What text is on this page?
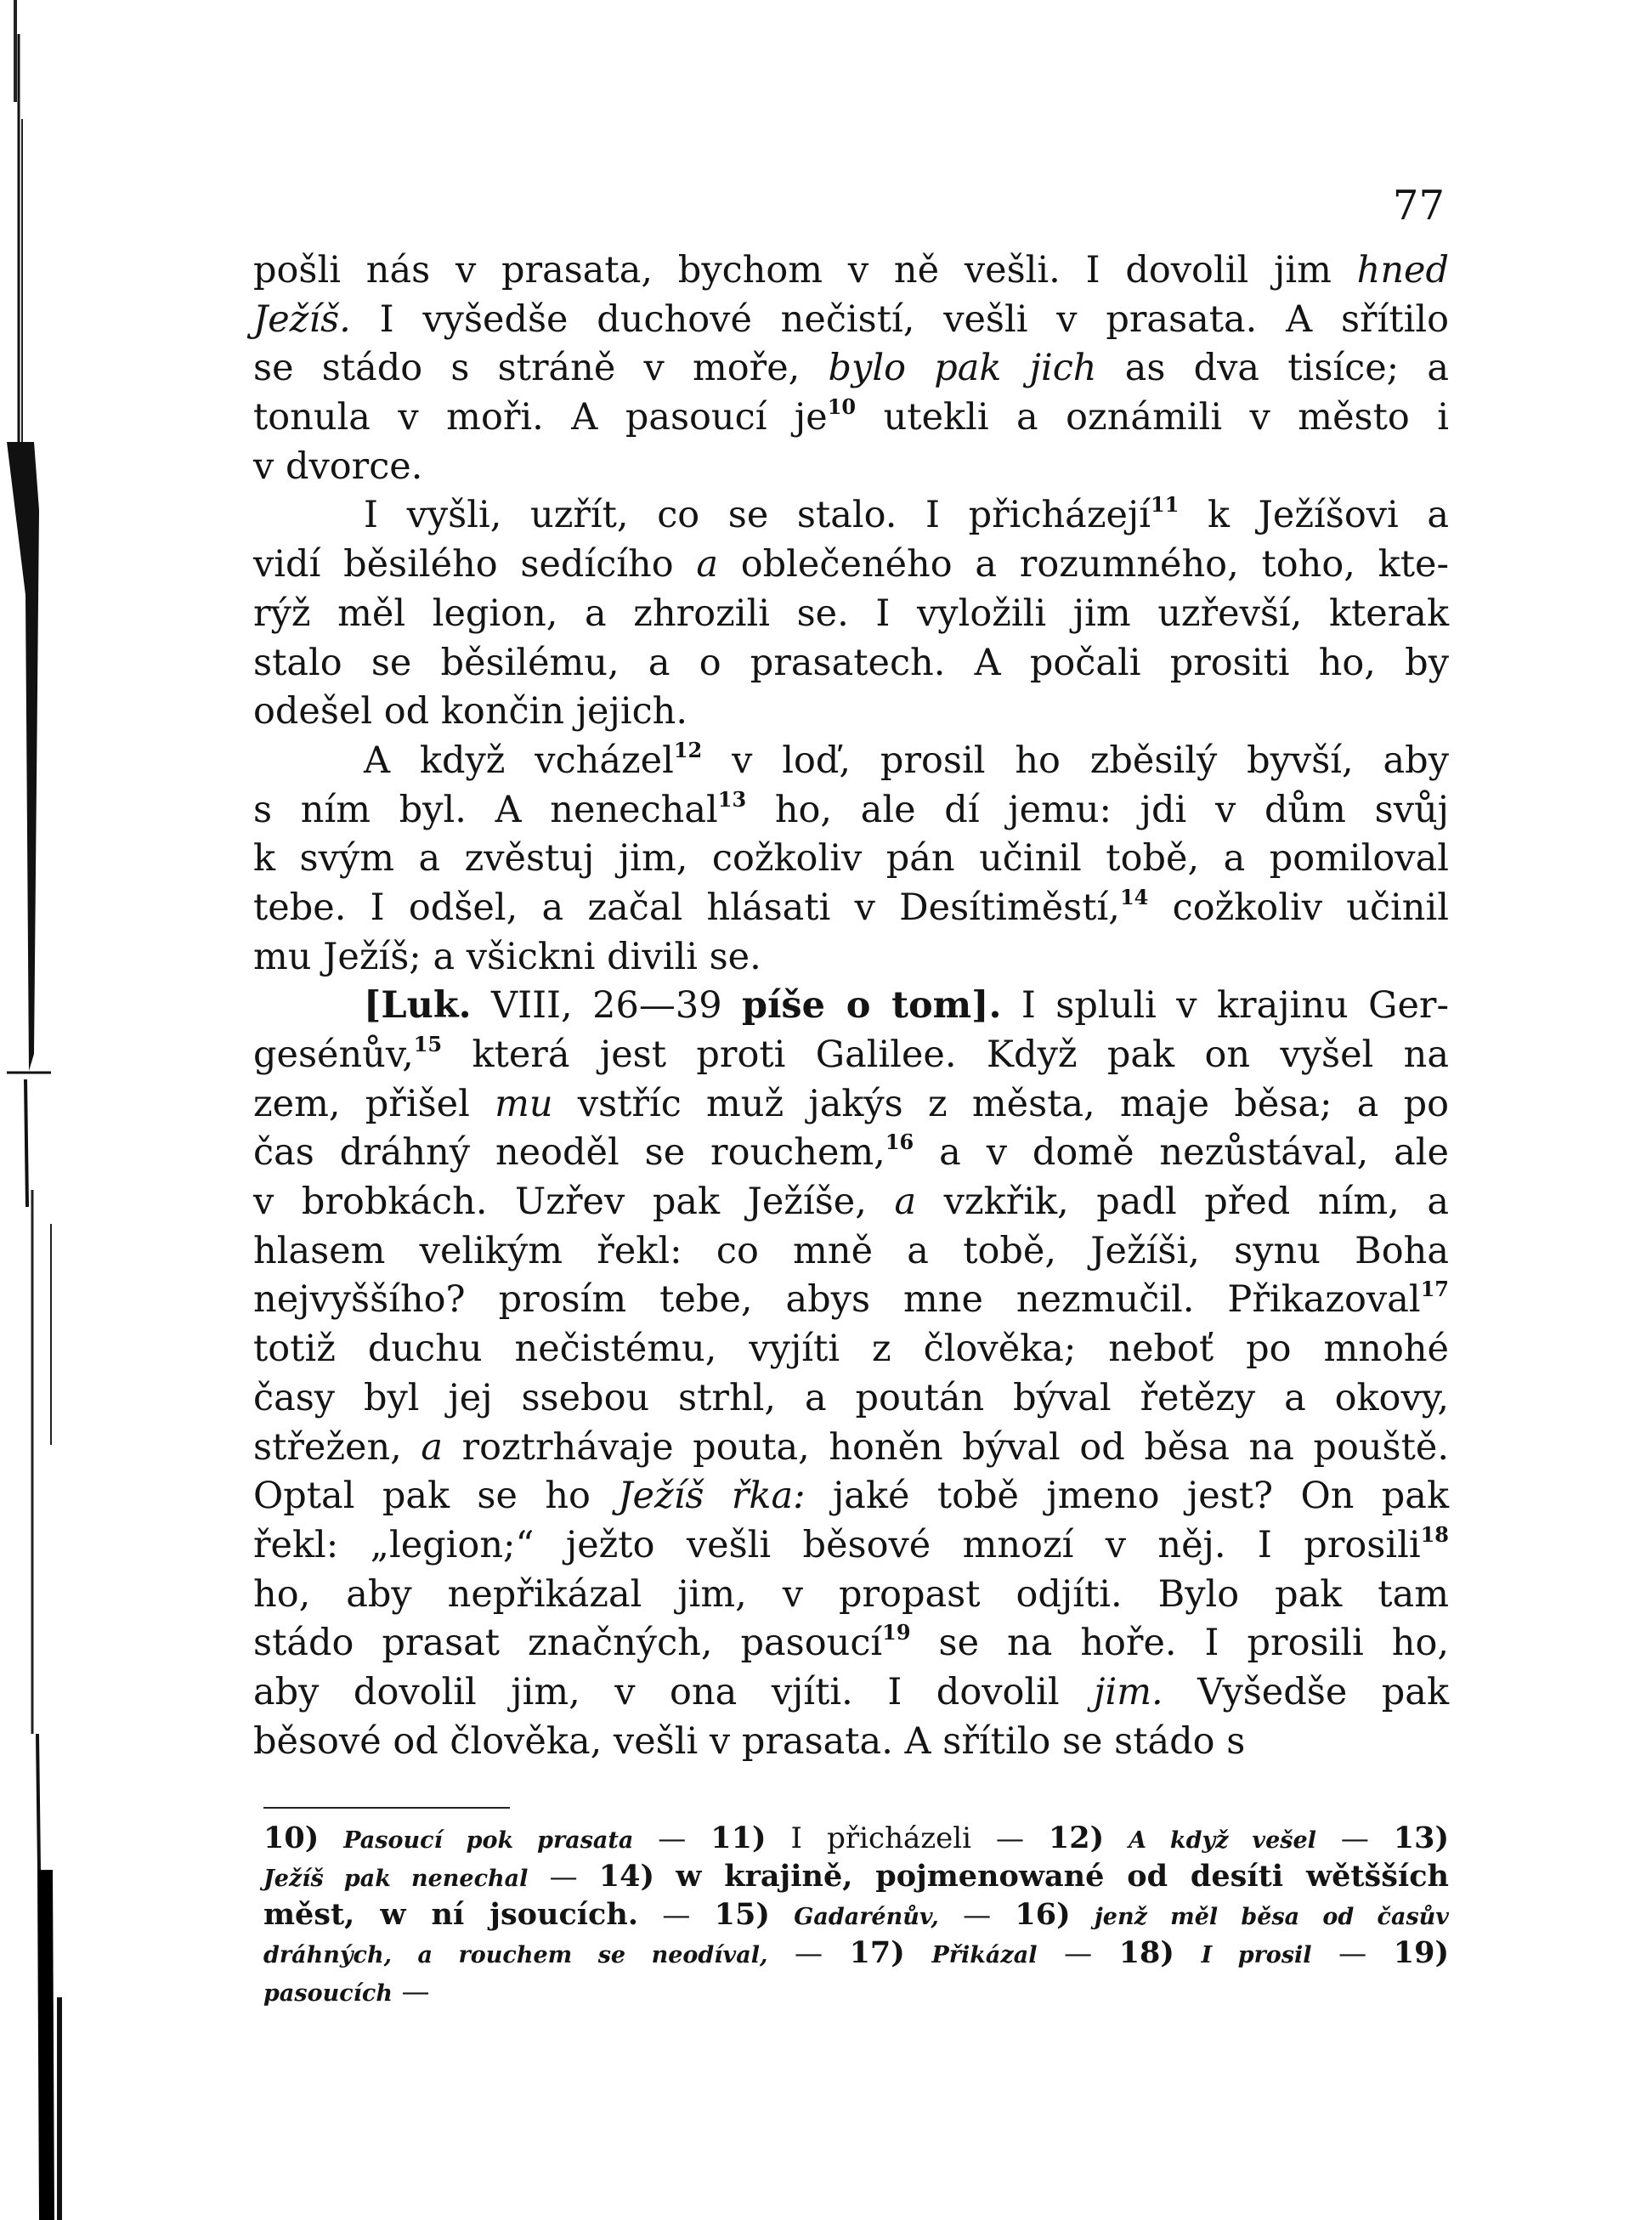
77
pošli nás v prasata, bychom v ně vešli. I dovolil jim hned
Ježíš. I vyšedše duchové nečistí, vešli v prasata. A sřítilo
se stádo s stráně v moře, bylo pak jich as dva tisíce; a
tonula v moři. A pasoucí $je^{10}$ utekli a oznámili v město i
v dvorce.
I vyšli, uzřít, co se stalo. I přicházejí$^{11}$ k Ježíšovi a
vidí běsilého sedícího a oblečeného a rozumného, toho, kte-
rýž měl legion, a zhrozili se. I vyložili jim uzřevší, kterak
stalo se běsilému, a o prasatech. A počali prositi ho, by
odešel od končin jejich.
A když vcházel$^{12}$ v loď, prosil ho zběsilý byvší, aby
s ním byl. A nenechal$^{13}$ ho, ale dí jemu: jdi v dům svůj
k svým a zvěstuj jim, cožkoliv pán učinil tobě, a pomiloval
tebe. I odšel, a začal hlásati v Desítiměstí,$^{14}$ cožkoliv učinil
mu Ježíš; a všickni divili se.
[Luk. VIII, 26—39 píše o tom]. I spluli v krajinu Ger-
gesénův,$^{15}$ která jest proti Galilee. Když pak on vyšel na
zem, přišel mu vstříc muž jakýs z města, maje běsa; a po
čas dráhný neoděl se rouchem,$^{16}$ a v domě nezůstával, ale
v brobkách. Uzřev pak Ježíše, a vzkřik, padl před ním, a
hlasem velikým řekl: co mně a tobě, Ježíši, synu Boha
nejvyššího? prosím tebe, abys mne nezmučil. Přikazoval$^{17}$
totiž duchu nečistému, vyjíti z člověka; neboť po mnohé
časy byl jej ssebou strhl, a poután býval řetězy a okovy,
střežen, a roztrhávaje pouta, honěn býval od běsa na pouště.
Optal pak se ho Ježíš řka: jaké tobě jmeno jest? On pak
řekl: „legion;“ ježto vešli běsové mnozí v něj. I prosili$^{18}$
ho, aby nepřikázal jim, v propast odjíti. Bylo pak tam
stádo prasat značných, pasoucí$^{19}$ se na hoře. I prosili ho,
aby dovolil jim, v ona vjíti. I dovolil jim. Vyšedše pak
běsové od člověka, vešli v prasata. A sřítilo se stádo s
10) Pasoucí pok prasata — 11) I přicházeli — 12) A když vešel — 13)
Ježíš pak nenechal — 14) w krajině, pojmenowané od desíti wětšších
měst, w ní jsoucích. — 15) Gadarénův, — 16) jenž měl běsa od časův
dráhných, a rouchem se neodíval, — 17) Přikázal — 18) I prosil — 19)
pasoucích —
